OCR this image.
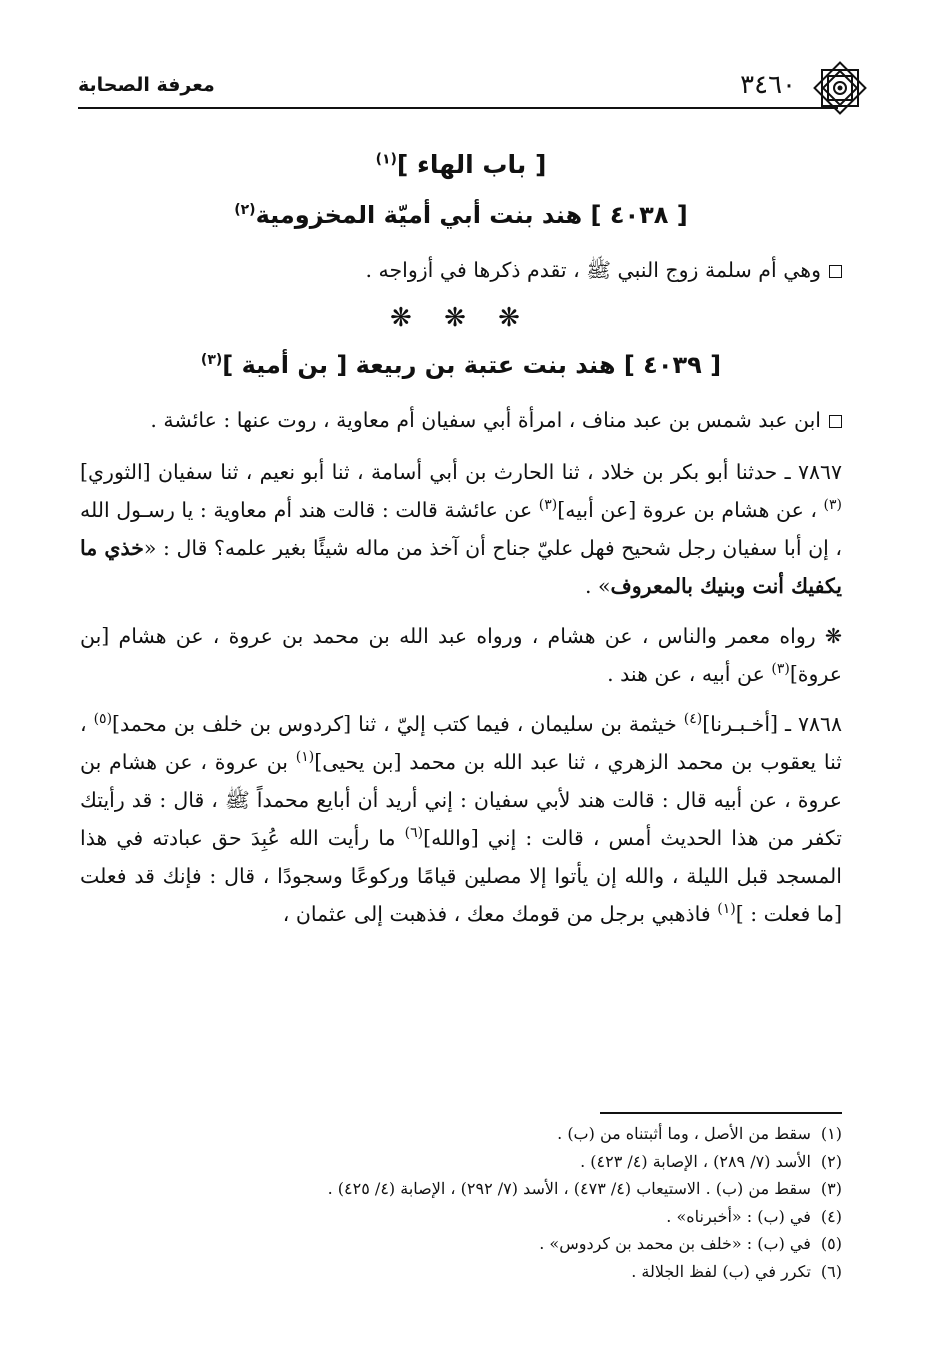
٣٤٦٠
معرفة الصحابة
[ باب الهاء ]$^{(١)}$
[ ٤٠٣٨ ] هند بنت أبي أميّة المخزومية$^{(٢)}$
وهي أم سلمة زوج النبي ﷺ ، تقدم ذكرها في أزواجه .
❋ ❋ ❋
[ ٤٠٣٩ ] هند بنت عتبة بن ربيعة [ بن أمية ]$^{(٣)}$
ابن عبد شمس بن عبد مناف ، امرأة أبي سفيان أم معاوية ، روت عنها : عائشة .

٧٨٦٧ ـ حدثنا أبو بكر بن خلاد ، ثنا الحارث بن أبي أسامة ، ثنا أبو نعيم ، ثنا سفيان [الثوري]$^{(٣)}$ ، عن هشام بن عروة [عن أبيه]$^{(٣)}$ عن عائشة قالت : قالت هند أم معاوية : يا رسـول الله ، إن أبا سفيان رجل شحيح فهل عليّ جناح أن آخذ من ماله شيئًا بغير علمه؟ قال : «خذي ما يكفيك أنت وبنيك بالمعروف» .

❋ رواه معمر والناس ، عن هشام ، ورواه عبد الله بن محمد بن عروة ، عن هشام [بن عروة]$^{(٣)}$ عن أبيه ، عن هند .

٧٨٦٨ ـ [أخـبـرنا]$^{(٤)}$ خيثمة بن سليمان ، فيما كتب إليّ ، ثنا [كردوس بن خلف بن محمد]$^{(٥)}$ ، ثنا يعقوب بن محمد الزهري ، ثنا عبد الله بن محمد [بن يحيى]$^{(١)}$ بن عروة ، عن هشام بن عروة ، عن أبيه قال : قالت هند لأبي سفيان : إني أريد أن أبايع محمداً ﷺ ، قال : قد رأيتك تكفر من هذا الحديث أمس ، قالت : إني [والله]$^{(٦)}$ ما رأيت الله عُبِدَ حق عبادته في هذا المسجد قبل الليلة ، والله إن يأتوا إلا مصلين قيامًا وركوعًا وسجودًا ، قال : فإنك قد فعلت [ما فعلت : ]$^{(١)}$ فاذهبي برجل من قومك معك ، فذهبت إلى عثمان ،

(١)سقط من الأصل ، وما أثبتناه من (ب) .
(٢)الأسد (٧/ ٢٨٩) ، الإصابة (٤/ ٤٢٣) .
(٣)سقط من (ب) . الاستيعاب (٤/ ٤٧٣) ، الأسد (٧/ ٢٩٢) ، الإصابة (٤/ ٤٢٥) .
(٤)في (ب) : «أخبرناه» .
(٥)في (ب) : «خلف بن محمد بن كردوس» .
(٦)تكرر في (ب) لفظ الجلالة .
